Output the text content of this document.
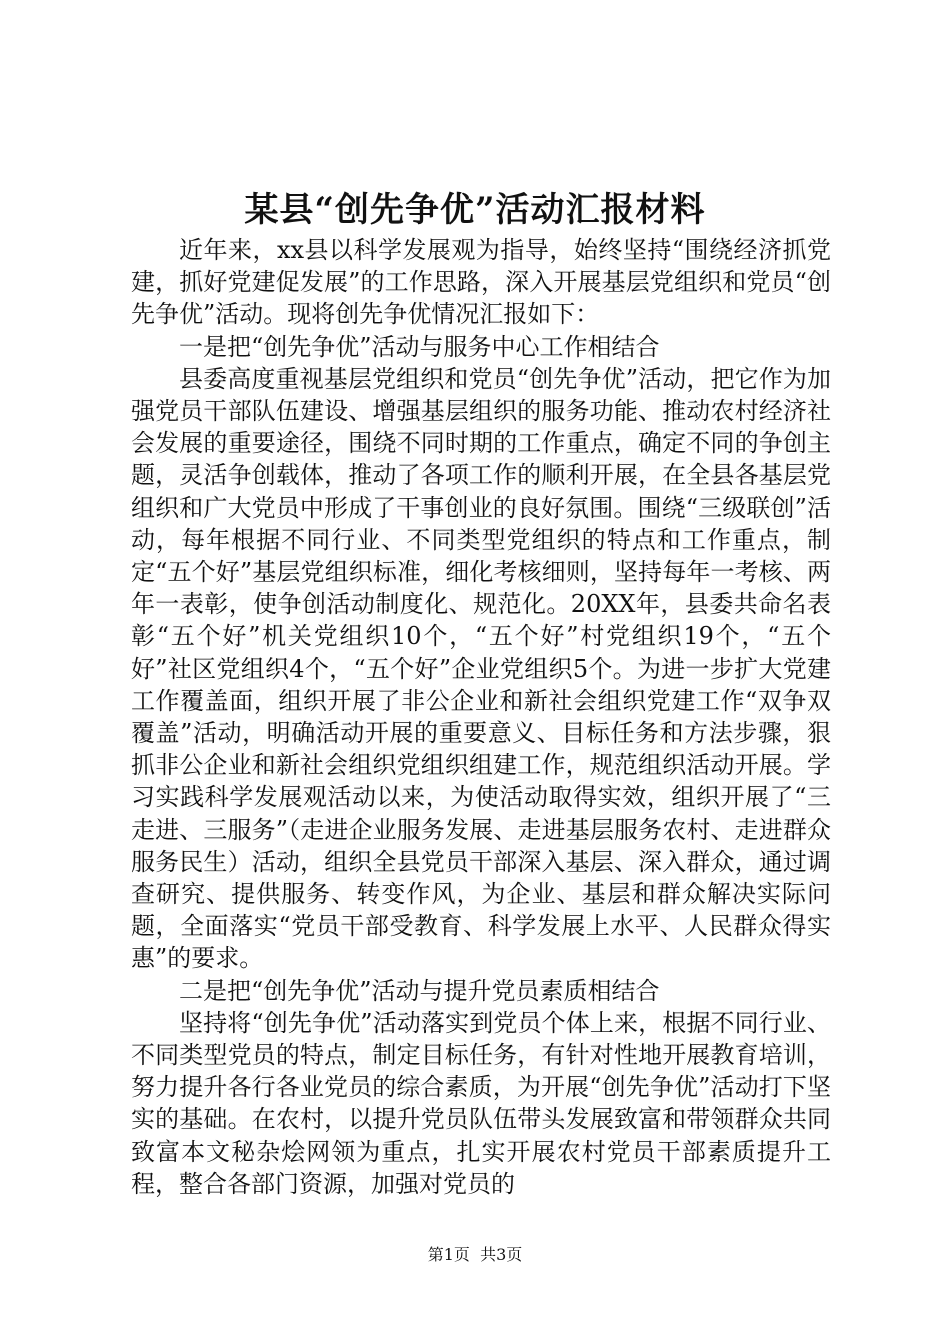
某县“创先争优”活动汇报材料

近年来，xx县以科学发展观为指导，始终坚持“围绕经济抓党建，抓好党建促发展”的工作思路，深入开展基层党组织和党员“创先争优”活动。现将创先争优情况汇报如下：

一是把“创先争优”活动与服务中心工作相结合

县委高度重视基层党组织和党员“创先争优”活动，把它作为加强党员干部队伍建设、增强基层组织的服务功能、推动农村经济社会发展的重要途径，围绕不同时期的工作重点，确定不同的争创主题，灵活争创载体，推动了各项工作的顺利开展，在全县各基层党组织和广大党员中形成了干事创业的良好氛围。围绕“三级联创”活动，每年根据不同行业、不同类型党组织的特点和工作重点，制定“五个好”基层党组织标准，细化考核细则，坚持每年一考核、两年一表彰，使争创活动制度化、规范化。20XX年，县委共命名表彰“五个好”机关党组织10个，“五个好”村党组织19个，“五个好”社区党组织4个，“五个好”企业党组织5个。为进一步扩大党建工作覆盖面，组织开展了非公企业和新社会组织党建工作“双争双覆盖”活动，明确活动开展的重要意义、目标任务和方法步骤，狠抓非公企业和新社会组织党组织组建工作，规范组织活动开展。学习实践科学发展观活动以来，为使活动取得实效，组织开展了“三走进、三服务”（走进企业服务发展、走进基层服务农村、走进群众服务民生）活动，组织全县党员干部深入基层、深入群众，通过调查研究、提供服务、转变作风，为企业、基层和群众解决实际问题，全面落实“党员干部受教育、科学发展上水平、人民群众得实惠”的要求。

二是把“创先争优”活动与提升党员素质相结合

坚持将“创先争优”活动落实到党员个体上来，根据不同行业、不同类型党员的特点，制定目标任务，有针对性地开展教育培训，努力提升各行各业党员的综合素质，为开展“创先争优”活动打下坚实的基础。在农村，以提升党员队伍带头发展致富和带领群众共同致富本文秘杂烩网领为重点，扎实开展农村党员干部素质提升工程，整合各部门资源，加强对党员的

第1页  共3页
